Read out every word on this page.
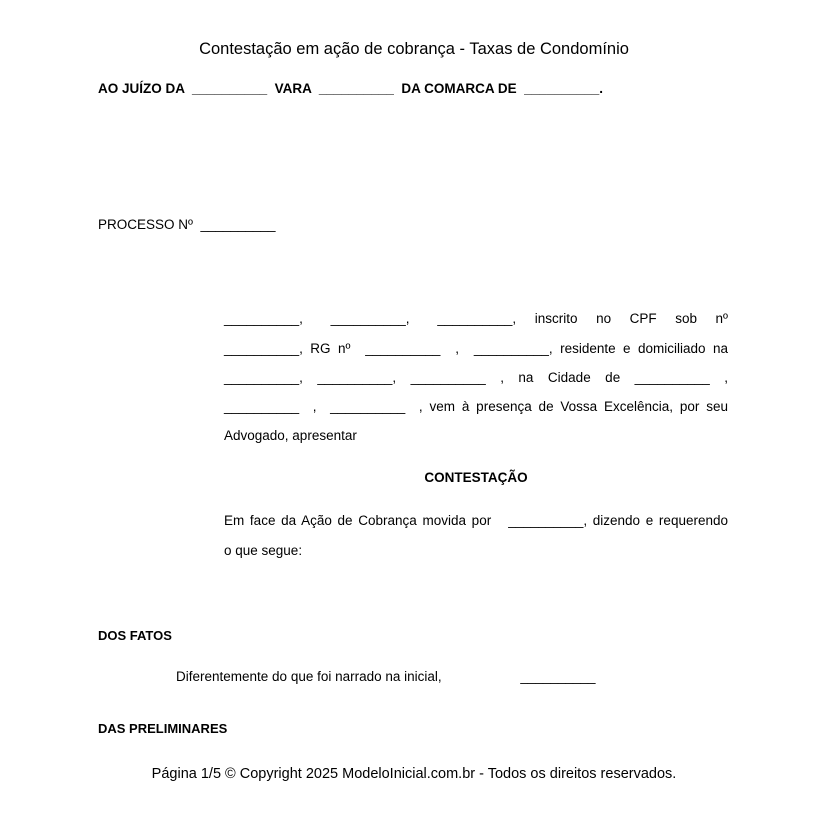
Contestação em ação de cobrança - Taxas de Condomínio
AO JUÍZO DA  __________  VARA  __________  DA COMARCA DE  __________.
PROCESSO Nº  __________
__________,   __________,   __________,  inscrito  no  CPF  sob  nº
__________, RG nº  __________  ,  __________, residente e domiciliado na
__________,  __________,  __________  ,  na  Cidade  de  __________  ,
__________  ,  __________  , vem à presença de Vossa Excelência, por seu
Advogado, apresentar
CONTESTAÇÃO
Em face da Ação de Cobrança movida por   __________, dizendo e requerendo
o que segue:
DOS FATOS
Diferentemente do que foi narrado na inicial,                     __________
DAS PRELIMINARES
Página 1/5 © Copyright 2025 ModeloInicial.com.br - Todos os direitos reservados.
